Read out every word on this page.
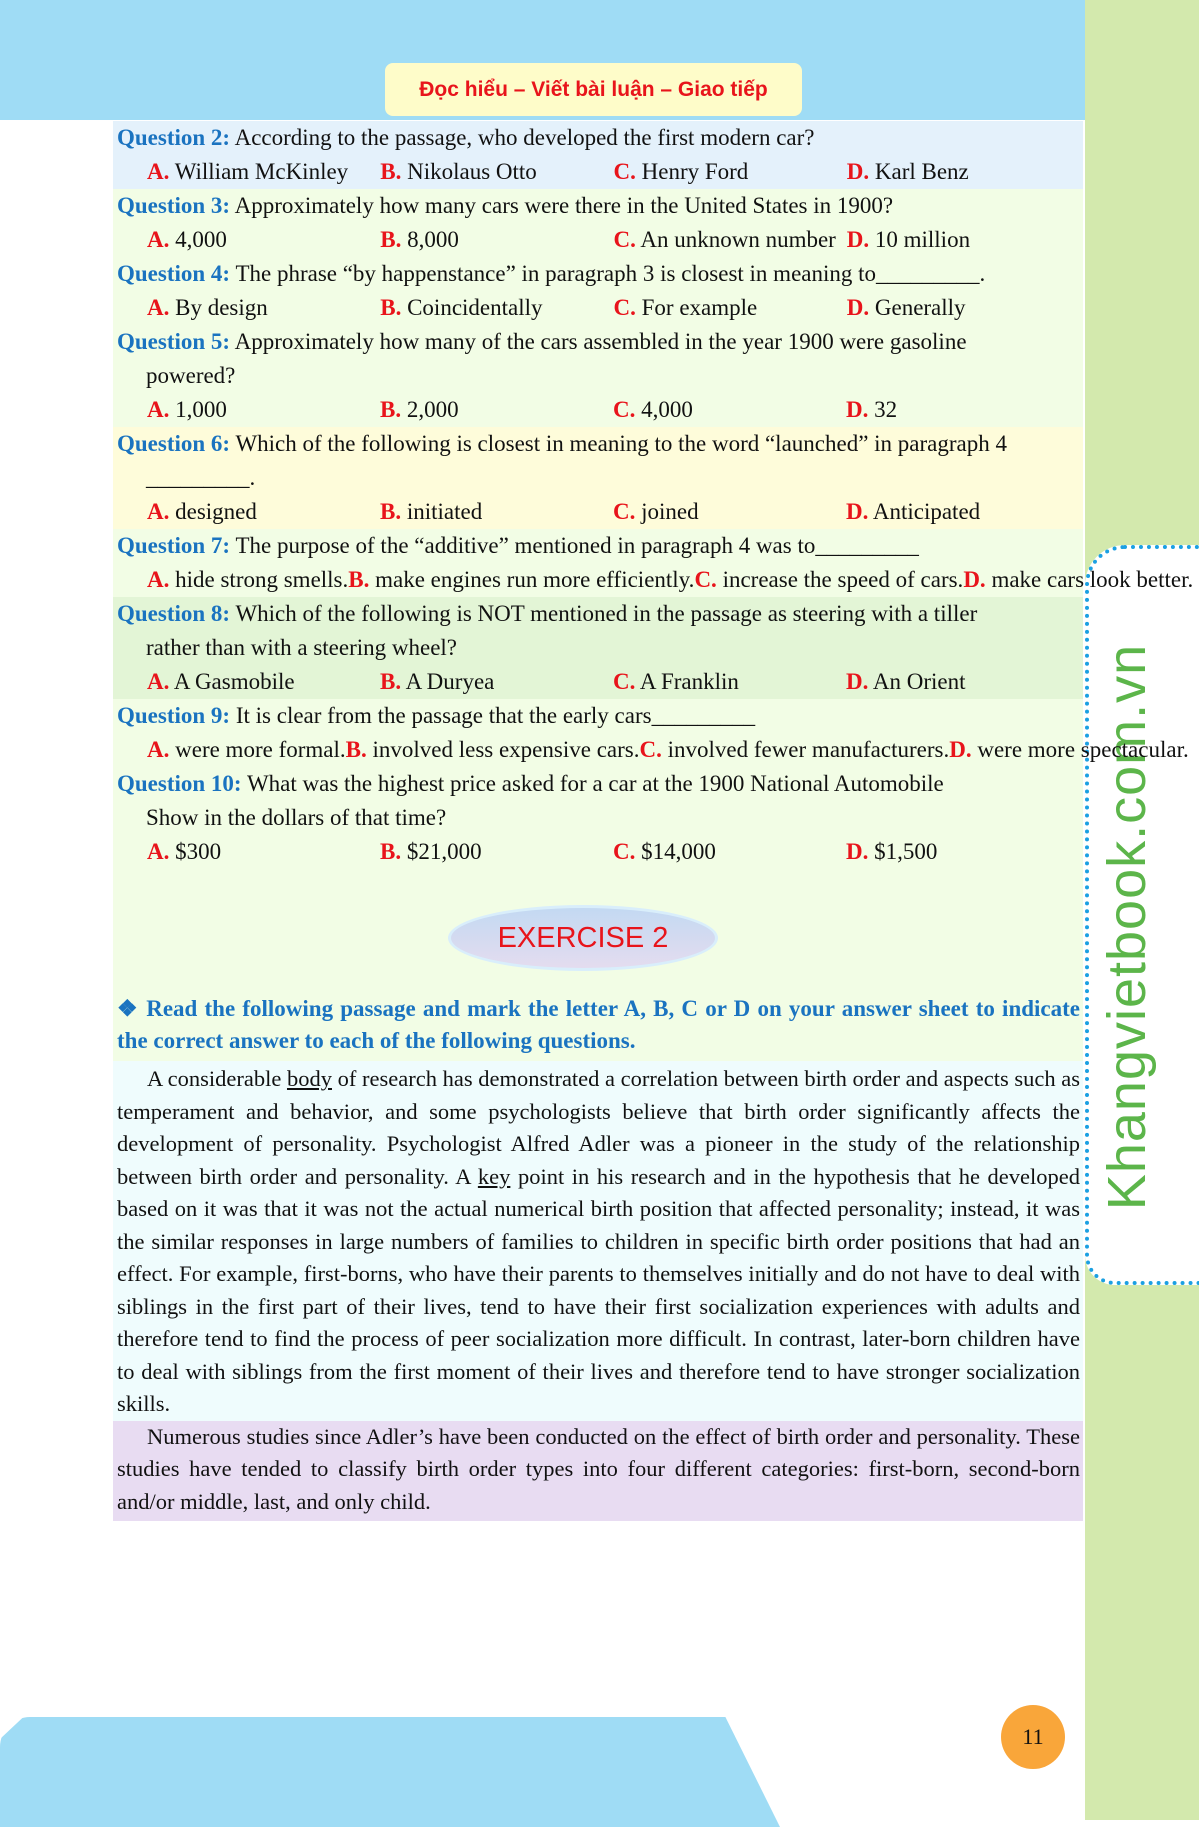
Đọc hiểu – Viết bài luận – Giao tiếp
Khangvietbook.com.vn
Question 2: According to the passage, who developed the first modern car?
A. William McKinley	B. Nikolaus Otto	C. Henry Ford	D. Karl Benz
Question 3: Approximately how many cars were there in the United States in 1900?
A. 4,000	B. 8,000	C. An unknown number D. 10 million
Question 4: The phrase “by happenstance” in paragraph 3 is closest in meaning to_________.
A. By design	B. Coincidentally	C. For example	D. Generally
Question 5: Approximately how many of the cars assembled in the year 1900 were gasoline
powered?
A. 1,000	B. 2,000	C. 4,000	D. 32
Question 6: Which of the following is closest in meaning to the word “launched” in paragraph 4
_________.
A. designed	B. initiated	C. joined	D. Anticipated
Question 7: The purpose of the “additive” mentioned in paragraph 4 was to_________
A. hide strong smells. B. make engines run more efficiently. C. increase the speed of cars. D. make cars look better.
Question 8: Which of the following is NOT mentioned in the passage as steering with a tiller
rather than with a steering wheel?
A. A Gasmobile	B. A Duryea	C. A Franklin	D. An Orient
Question 9: It is clear from the passage that the early cars_________
A. were more formal. B. involved less expensive cars. C. involved fewer manufacturers. D. were more spectacular.
Question 10: What was the highest price asked for a car at the 1900 National Automobile
Show in the dollars of that time?
A. $300	B. $21,000	C. $14,000	D. $1,500
EXERCISE 2
❖ Read the following passage and mark the letter A, B, C or D on your answer sheet to indicate the correct answer to each of the following questions.

A considerable body of research has demonstrated a correlation between birth order and aspects such as temperament and behavior, and some psychologists believe that birth order significantly affects the development of personality. Psychologist Alfred Adler was a pioneer in the study of the relationship between birth order and personality. A key point in his research and in the hypothesis that he developed based on it was that it was not the actual numerical birth position that affected personality; instead, it was the similar responses in large numbers of families to children in specific birth order positions that had an effect. For example, first-borns, who have their parents to themselves initially and do not have to deal with siblings in the first part of their lives, tend to have their first socialization experiences with adults and therefore tend to find the process of peer socialization more difficult. In contrast, later-born children have to deal with siblings from the first moment of their lives and therefore tend to have stronger socialization skills.

Numerous studies since Adler’s have been conducted on the effect of birth order and personality. These studies have tended to classify birth order types into four different categories: first-born, second-born and/or middle, last, and only child.

11
